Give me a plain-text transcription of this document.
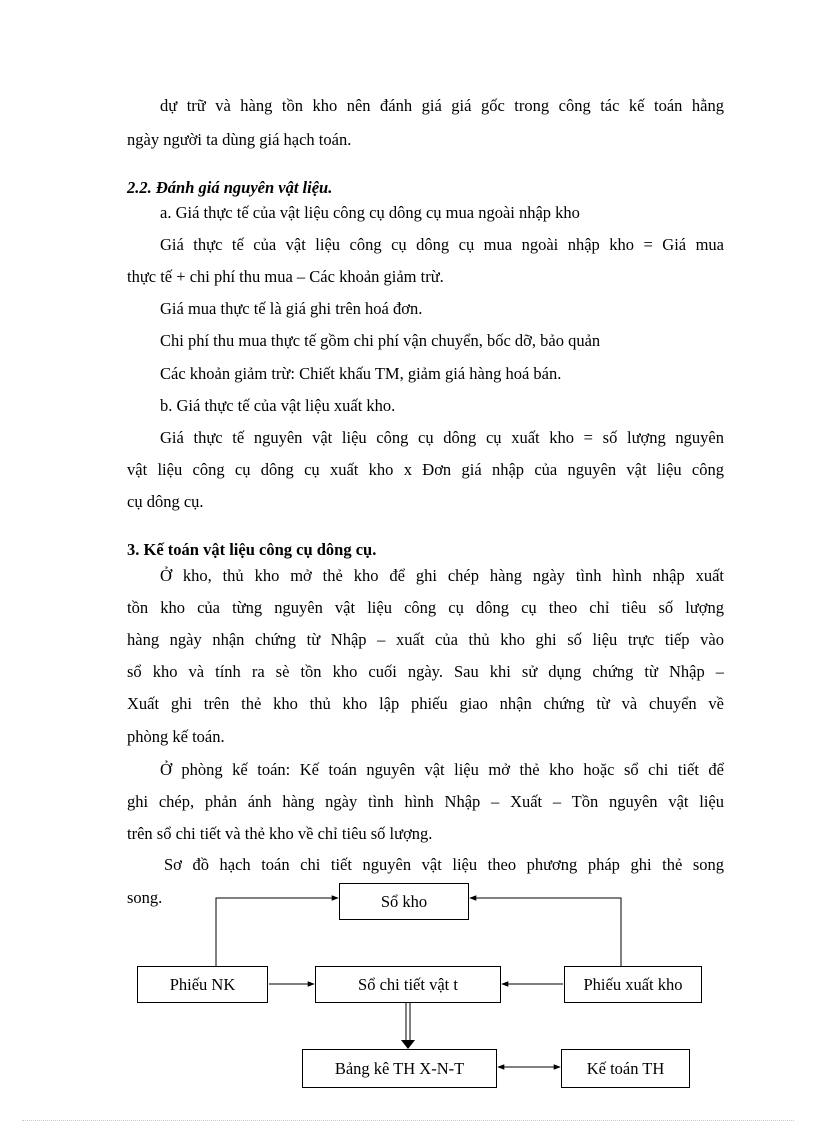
dự trữ và hàng tồn kho nên đánh giá giá gốc trong công tác kế toán hằng
ngày người ta dùng giá hạch toán.
2.2. Đánh giá nguyên vật liệu.
a. Giá thực tế của vật liệu công cụ dông cụ mua ngoài nhập kho
Giá thực tế của vật liệu công cụ dông cụ mua ngoài nhập kho = Giá mua
thực tế + chi phí thu mua – Các khoản giảm trừ.
Giá mua thực tế là giá ghi trên hoá đơn.
Chi phí thu mua thực tế gồm chi phí vận chuyển, bốc dỡ, bảo quản
Các khoản giảm trừ: Chiết khấu TM, giảm giá hàng hoá bán.
b. Giá thực tế của vật liệu xuất kho.
Giá thực tế nguyên vật liệu công cụ dông cụ xuất kho = số lượng nguyên
vật liệu công cụ dông cụ xuất kho x Đơn giá nhập của nguyên vật liệu công
cụ dông cụ.
3. Kế toán vật liệu công cụ dông cụ.
Ở kho, thủ kho mở thẻ kho để ghi chép hàng ngày tình hình nhập xuất
tồn kho của từng nguyên vật liệu công cụ dông cụ theo chỉ tiêu số lượng
hàng ngày nhận chứng từ Nhập – xuất của thủ kho ghi số liệu trực tiếp vào
sổ kho và tính ra sè tồn kho cuối ngày. Sau khi sử dụng chứng từ Nhập –
Xuất ghi trên thẻ kho thủ kho lập phiếu giao nhận chứng từ và chuyển về
phòng kế toán.
Ở phòng kế toán: Kế toán nguyên vật liệu mở thẻ kho hoặc sổ chi tiết để
ghi chép, phản ánh hàng ngày tình hình Nhập – Xuất – Tồn nguyên vật liệu
trên sổ chi tiết và thẻ kho về chỉ tiêu số lượng.
Sơ đồ hạch toán chi tiết nguyên vật liệu theo phương pháp ghi thẻ song
song.	Sổ kho
Phiếu NK	Sổ chi tiết vật t	Phiếu xuất kho
Bảng kê TH X-N-T	Kế toán TH
